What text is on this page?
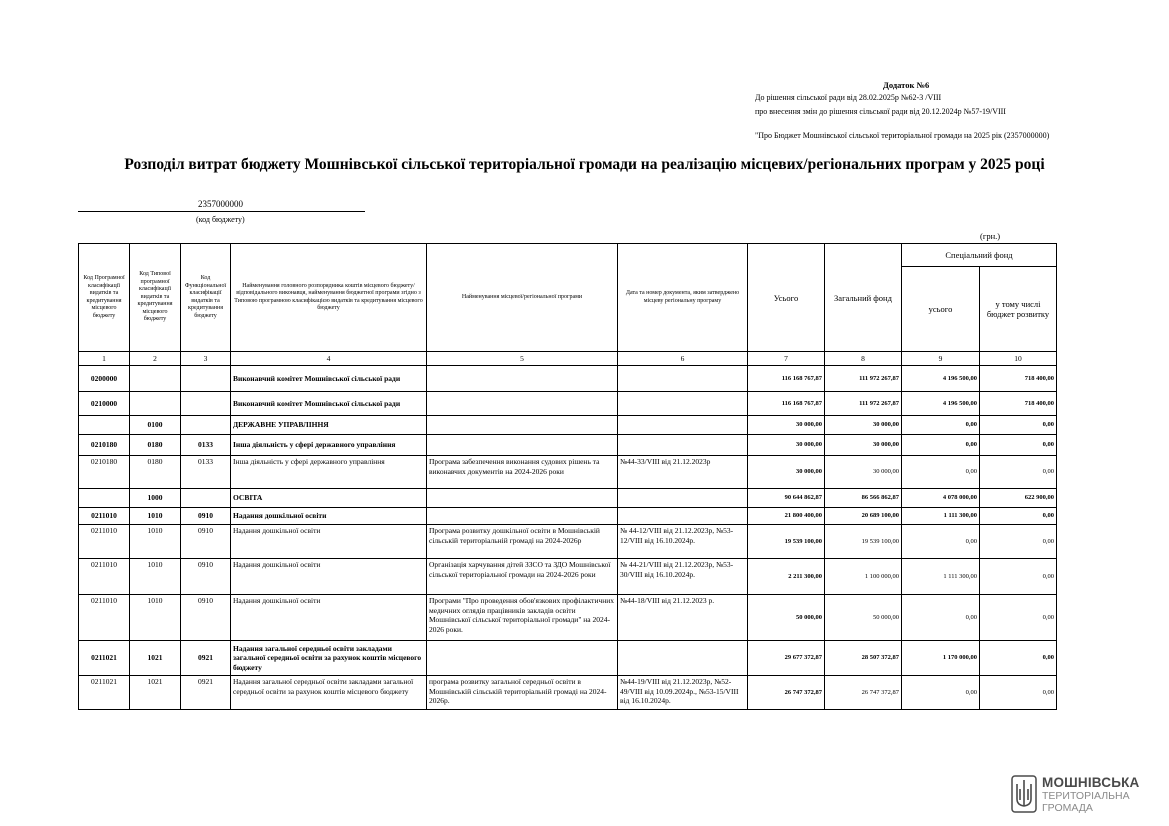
Додаток №6
До рішення сільської ради від 28.02.2025р №62-3 /VIII
про внесення змін до рішення сільської ради від 20.12.2024р №57-19/VIII
"Про Бюджет Мошнівської сільської територіальної громади на 2025 рік (2357000000)
Розподіл витрат бюджету Мошнівської сільської територіальної громади на реалізацію місцевих/регіональних програм у 2025 році
2357000000
(код бюджету)
(грн.)
Код Програмної класифікації видатків та кредитування місцевого бюджету	Код Типової програмної класифікації видатків та кредитування місцевого бюджету	Код Функціональної класифікації видатків та кредитування бюджету	Найменування головного розпорядника коштів місцевого бюджету/ відповідального виконавця, найменування бюджетної програми згідно з Типовою програмною класифікацією видатків та кредитування місцевого бюджету	Найменування місцевої/регіональної програми	Дата та номер документа, яким затверджено місцеву регіональну програму	Усього	Загальний фонд	Спеціальний фонд	
								усього	у тому числі бюджет розвитку
1	2	3	4	5	6	7	8	9	10
0200000			Виконавчий комітет Мошнівської сільської ради			116 168 767,87	111 972 267,87	4 196 500,00	718 400,00
0210000			Виконавчий комітет Мошнівської сільської ради			116 168 767,87	111 972 267,87	4 196 500,00	718 400,00
	0100		ДЕРЖАВНЕ УПРАВЛІННЯ			30 000,00	30 000,00	0,00	0,00
0210180	0180	0133	Інша діяльність у сфері державного управління			30 000,00	30 000,00	0,00	0,00
0210180	0180	0133	Інша діяльність у сфері державного управління	Програма забезпечення виконання судових рішень та виконавчих документів на 2024-2026 роки	№44-33/VIII від 21.12.2023р	30 000,00	30 000,00	0,00	0,00
	1000		ОСВІТА			90 644 862,87	86 566 862,87	4 078 000,00	622 900,00
0211010	1010	0910	Надання дошкільної освіти			21 800 400,00	20 689 100,00	1 111 300,00	0,00
0211010	1010	0910	Надання дошкільної освіти	Програма розвитку дошкільної освіти в Мошнівській сільській територіальній громаді на 2024-2026р	№ 44-12/VIII від 21.12.2023р, №53-12/VIII від 16.10.2024р.	19 539 100,00	19 539 100,00	0,00	0,00
0211010	1010	0910	Надання дошкільної освіти	Організація харчування дітей ЗЗСО та ЗДО Мошнівської сільської територіальної громади на 2024-2026 роки	№ 44-21/VIII від 21.12.2023р, №53-30/VIII від 16.10.2024р.	2 211 300,00	1 100 000,00	1 111 300,00	0,00
0211010	1010	0910	Надання дошкільної освіти	Програми "Про проведення обов'язкових профілактичних медичних оглядів працівників закладів освіти Мошнівської сільської територіальної громади" на 2024-2026 роки.	№44-18/VIII від 21.12.2023 р.	50 000,00	50 000,00	0,00	0,00
0211021	1021	0921	Надання загальної середньої освіти закладами загальної середньої освіти за рахунок коштів місцевого бюджету			29 677 372,87	28 507 372,87	1 170 000,00	0,00
0211021	1021	0921	Надання загальної середньої освіти закладами загальної середньої освіти за рахунок коштів місцевого бюджету	програма розвитку загальної середньої освіти в Мошнівській сільській територіальній громаді на 2024-2026р.	№44-19/VIII від 21.12.2023р, №52-49/VIII від 10.09.2024р., №53-15/VIII від 16.10.2024р.	26 747 372,87	26 747 372,87	0,00	0,00
МОШНІВСЬКА
ТЕРИТОРІАЛЬНА
ГРОМАДА
